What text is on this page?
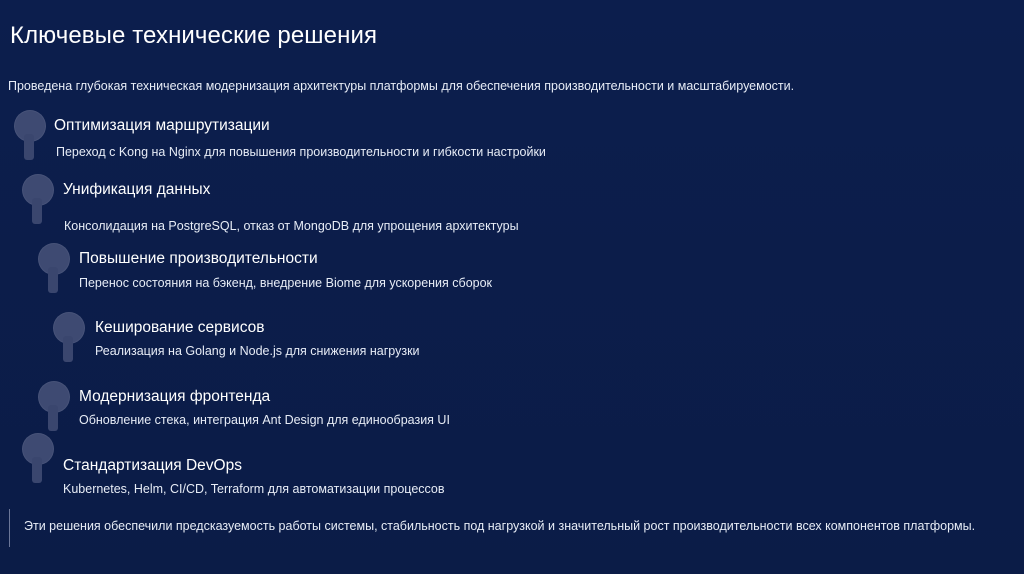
Ключевые технические решения
Проведена глубокая техническая модернизация архитектуры платформы для обеспечения производительности и масштабируемости.
Оптимизация маршрутизации
Переход с Kong на Nginx для повышения производительности и гибкости настройки
Унификация данных
Консолидация на PostgreSQL, отказ от MongoDB для упрощения архитектуры
Повышение производительности
Перенос состояния на бэкенд, внедрение Biome для ускорения сборок
Кеширование сервисов
Реализация на Golang и Node.js для снижения нагрузки
Модернизация фронтенда
Обновление стека, интеграция Ant Design для единообразия UI
Стандартизация DevOps
Kubernetes, Helm, CI/CD, Terraform для автоматизации процессов
Эти решения обеспечили предсказуемость работы системы, стабильность под нагрузкой и значительный рост производительности всех компонентов платформы.
